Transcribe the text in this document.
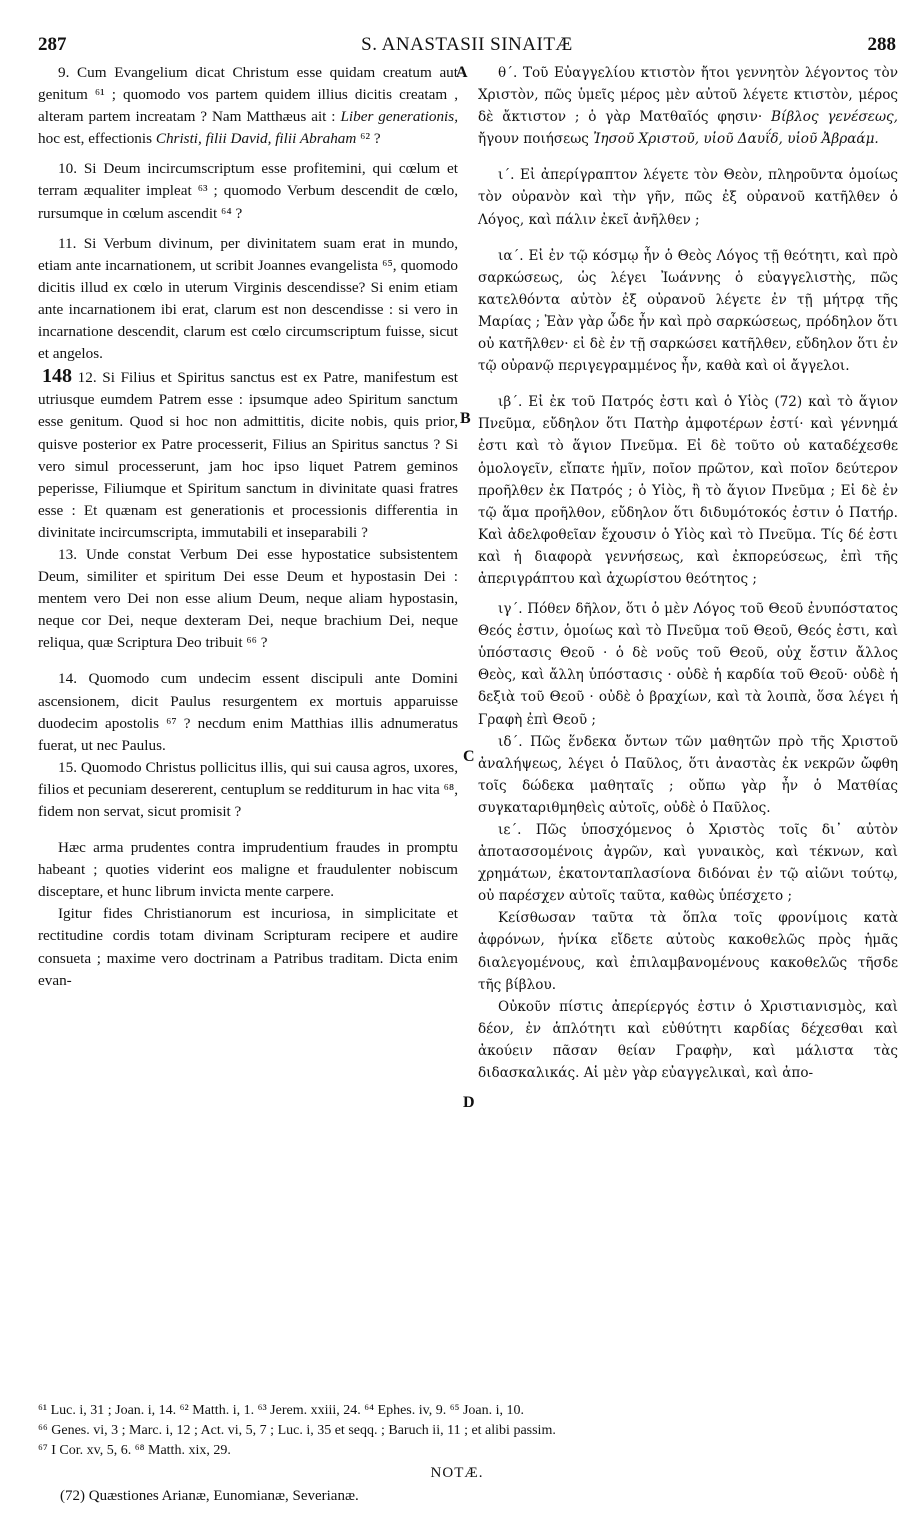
287	S. ANASTASII SINAITÆ	288

9. Cum Evangelium dicat Christum esse quidam creatum aut genitum ⁶¹ ; quomodo vos partem quidem illius dicitis creatam , alteram partem increatam ? Nam Matthæus ait : Liber generationis, hoc est, effectionis Christi, filii David, filii Abraham ⁶² ?

10. Si Deum incircumscriptum esse profitemini, qui cœlum et terram æqualiter impleat ⁶³ ; quomodo Verbum descendit de cœlo, rursumque in cœlum ascendit ⁶⁴ ?

11. Si Verbum divinum, per divinitatem suam erat in mundo, etiam ante incarnationem, ut scribit Joannes evangelista ⁶⁵, quomodo dicitis illud ex cœlo in uterum Virginis descendisse? Si enim etiam ante incarnationem ibi erat, clarum est non descendisse : si vero in incarnatione descendit, clarum est cœlo circumscriptum fuisse, sicut et angelos.

148 12. Si Filius et Spiritus sanctus est ex Patre, manifestum est utriusque eumdem Patrem esse : ipsumque adeo Spiritum sanctum esse genitum. Quod si hoc non admittitis, dicite nobis, quis prior, quisve posterior ex Patre processerit, Filius an Spiritus sanctus ? Si vero simul processerunt, jam hoc ipso liquet Patrem geminos peperisse, Filiumque et Spiritum sanctum in divinitate quasi fratres esse : Et quænam est generationis et processionis differentia in divinitate incircumscripta, immutabili et inseparabili ?

13. Unde constat Verbum Dei esse hypostatice subsistentem Deum, similiter et spiritum Dei esse Deum et hypostasin Dei : mentem vero Dei non esse alium Deum, neque aliam hypostasin, neque cor Dei, neque dexteram Dei, neque brachium Dei, neque reliqua, quæ Scriptura Deo tribuit ⁶⁶ ?

14. Quomodo cum undecim essent discipuli ante Domini ascensionem, dicit Paulus resurgentem ex mortuis apparuisse duodecim apostolis ⁶⁷ ? necdum enim Matthias illis adnumeratus fuerat, ut nec Paulus.

15. Quomodo Christus pollicitus illis, qui sui causa agros, uxores, filios et pecuniam desererent, centuplum se redditurum in hac vita ⁶⁸, fidem non servat, sicut promisit ?

Hæc arma prudentes contra imprudentium fraudes in promptu habeant ; quoties viderint eos maligne et fraudulenter nobiscum disceptare, et hunc librum invicta mente carpere.

Igitur fides Christianorum est incuriosa, in simplicitate et rectitudine cordis totam divinam Scripturam recipere et audire consueta ; maxime vero doctrinam a Patribus traditam. Dicta enim evan-

θ΄. Τοῦ Εὐαγγελίου κτιστὸν ἤτοι γεννητὸν λέγοντος τὸν Χριστὸν, πῶς ὑμεῖς μέρος μὲν αὐτοῦ λέγετε κτιστὸν, μέρος δὲ ἄκτιστον ; ὁ γὰρ Ματθαῖός φησιν· Βίβλος γενέσεως, ἤγουν ποιήσεως Ἰησοῦ Χριστοῦ, υἱοῦ Δαυΐδ, υἱοῦ Ἀβραάμ.

ι΄. Εἰ ἀπερίγραπτον λέγετε τὸν Θεὸν, πληροῦντα ὁμοίως τὸν οὐρανὸν καὶ τὴν γῆν, πῶς ἐξ οὐρανοῦ κατῆλθεν ὁ Λόγος, καὶ πάλιν ἐκεῖ ἀνῆλθεν ;

ια΄. Εἰ ἐν τῷ κόσμῳ ἦν ὁ Θεὸς Λόγος τῇ θεότητι, καὶ πρὸ σαρκώσεως, ὡς λέγει Ἰωάννης ὁ εὐαγγελιστὴς, πῶς κατελθόντα αὐτὸν ἐξ οὐρανοῦ λέγετε ἐν τῇ μήτρᾳ τῆς Μαρίας ; Ἐὰν γὰρ ὧδε ἦν καὶ πρὸ σαρκώσεως, πρόδηλον ὅτι οὐ κατῆλθεν· εἰ δὲ ἐν τῇ σαρκώσει κατῆλθεν, εὔδηλον ὅτι ἐν τῷ οὐρανῷ περιγεγραμμένος ἦν, καθὰ καὶ οἱ ἄγγελοι.

ιβ΄. Εἰ ἐκ τοῦ Πατρός ἐστι καὶ ὁ Υἱὸς (72) καὶ τὸ ἅγιον Πνεῦμα, εὔδηλον ὅτι Πατὴρ ἀμφοτέρων ἐστί· καὶ γέννημά ἐστι καὶ τὸ ἅγιον Πνεῦμα. Εἰ δὲ τοῦτο οὐ καταδέχεσθε ὁμολογεῖν, εἴπατε ἡμῖν, ποῖον πρῶτον, καὶ ποῖον δεύτερον προῆλθεν ἐκ Πατρός ; ὁ Υἱὸς, ἢ τὸ ἅγιον Πνεῦμα ; Εἰ δὲ ἐν τῷ ἅμα προῆλθον, εὔδηλον ὅτι διδυμότοκός ἐστιν ὁ Πατήρ. Καὶ ἀδελφοθεῖαν ἔχουσιν ὁ Υἱὸς καὶ τὸ Πνεῦμα. Τίς δέ ἐστι καὶ ἡ διαφορὰ γεννήσεως, καὶ ἐκπορεύσεως, ἐπὶ τῆς ἀπεριγράπτου καὶ ἀχωρίστου θεότητος ;

ιγ΄. Πόθεν δῆλον, ὅτι ὁ μὲν Λόγος τοῦ Θεοῦ ἐνυπόστατος Θεός ἐστιν, ὁμοίως καὶ τὸ Πνεῦμα τοῦ Θεοῦ, Θεός ἐστι, καὶ ὑπόστασις Θεοῦ · ὁ δὲ νοῦς τοῦ Θεοῦ, οὐχ ἔστιν ἄλλος Θεὸς, καὶ ἄλλη ὑπόστασις · οὐδὲ ἡ καρδία τοῦ Θεοῦ· οὐδὲ ἡ δεξιὰ τοῦ Θεοῦ · οὐδὲ ὁ βραχίων, καὶ τὰ λοιπὰ, ὅσα λέγει ἡ Γραφὴ ἐπὶ Θεοῦ ;

ιδ΄. Πῶς ἕνδεκα ὄντων τῶν μαθητῶν πρὸ τῆς Χριστοῦ ἀναλήψεως, λέγει ὁ Παῦλος, ὅτι ἀναστὰς ἐκ νεκρῶν ὤφθη τοῖς δώδεκα μαθηταῖς ; οὔπω γὰρ ἦν ὁ Ματθίας συγκαταριθμηθεὶς αὐτοῖς, οὐδὲ ὁ Παῦλος.

ιε΄. Πῶς ὑποσχόμενος ὁ Χριστὸς τοῖς δι᾽ αὐτὸν ἀποτασσομένοις ἀγρῶν, καὶ γυναικὸς, καὶ τέκνων, καὶ χρημάτων, ἑκατονταπλασίονα διδόναι ἐν τῷ αἰῶνι τούτῳ, οὐ παρέσχεν αὐτοῖς ταῦτα, καθὼς ὑπέσχετο ;

Κείσθωσαν ταῦτα τὰ ὅπλα τοῖς φρονίμοις κατὰ ἀφρόνων, ἡνίκα εἴδετε αὐτοὺς κακοθελῶς πρὸς ἡμᾶς διαλεγομένους, καὶ ἐπιλαμβανομένους κακοθελῶς τῆσδε τῆς βίβλου.

Οὐκοῦν πίστις ἀπερίεργός ἐστιν ὁ Χριστιανισμὸς, καὶ δέον, ἐν ἁπλότητι καὶ εὐθύτητι καρδίας δέχεσθαι καὶ ἀκούειν πᾶσαν θείαν Γραφὴν, καὶ μάλιστα τὰς διδασκαλικάς. Αἱ μὲν γὰρ εὐαγγελικαὶ, καὶ ἀπο-

A
B
C
D
⁶¹ Luc. i, 31 ; Joan. i, 14. ⁶² Matth. i, 1. ⁶³ Jerem. xxiii, 24. ⁶⁴ Ephes. iv, 9. ⁶⁵ Joan. i, 10.
⁶⁶ Genes. vi, 3 ; Marc. i, 12 ; Act. vi, 5, 7 ; Luc. i, 35 et seqq. ; Baruch ii, 11 ; et alibi passim.
⁶⁷ I Cor. xv, 5, 6. ⁶⁸ Matth. xix, 29.
NOTÆ.
(72) Quæstiones Arianæ, Eunomianæ, Severianæ.
